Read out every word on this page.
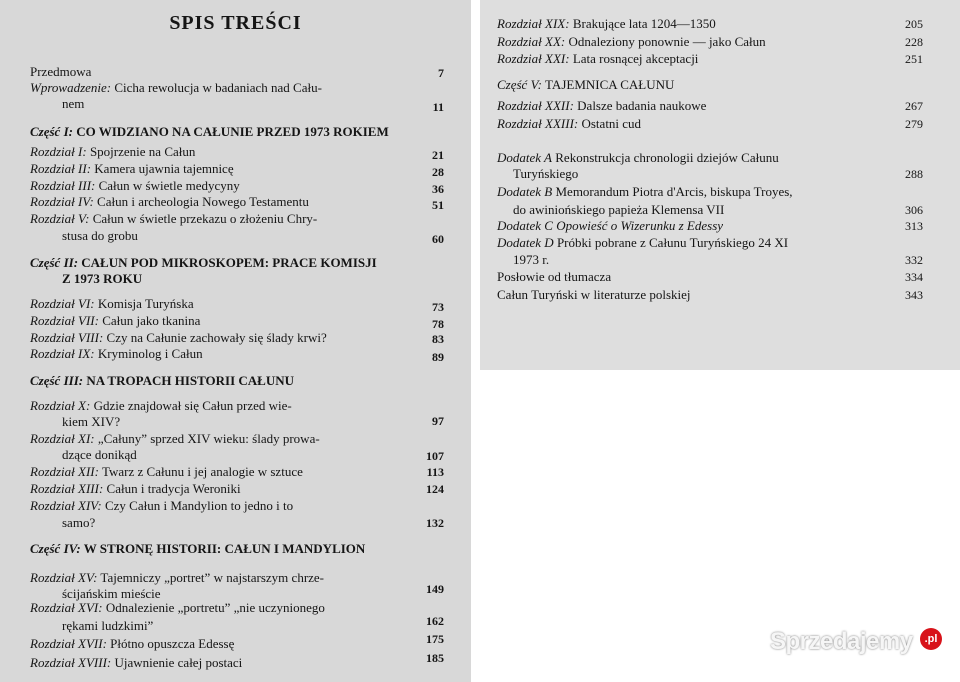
SPIS TREŚCI
Przedmowa	7
Wprowadzenie: Cicha rewolucja w badaniach nad Cału-
nem	11
Część I: CO WIDZIANO NA CAŁUNIE PRZED 1973 ROKIEM
Rozdział I: Spojrzenie na Całun	21
Rozdział II: Kamera ujawnia tajemnicę	28
Rozdział III: Całun w świetle medycyny	36
Rozdział IV: Całun i archeologia Nowego Testamentu	51
Rozdział V: Całun w świetle przekazu o złożeniu Chry-
stusa do grobu	60
Część II: CAŁUN POD MIKROSKOPEM: PRACE KOMISJI
Z 1973 ROKU
Rozdział VI: Komisja Turyńska	73
Rozdział VII: Całun jako tkanina	78
Rozdział VIII: Czy na Całunie zachowały się ślady krwi?	83
Rozdział IX: Kryminolog i Całun	89
Część III: NA TROPACH HISTORII CAŁUNU
Rozdział X: Gdzie znajdował się Całun przed wie-
kiem XIV?	97
Rozdział XI: „Całuny” sprzed XIV wieku: ślady prowa-
dzące donikąd	107
Rozdział XII: Twarz z Całunu i jej analogie w sztuce	113
Rozdział XIII: Całun i tradycja Weroniki	124
Rozdział XIV: Czy Całun i Mandylion to jedno i to
samo?	132
Część IV: W STRONĘ HISTORII: CAŁUN I MANDYLION
Rozdział XV: Tajemniczy „portret” w najstarszym chrze-
ścijańskim mieście	149
Rozdział XVI: Odnalezienie „portretu” „nie uczynionego
rękami ludzkimi”	162
Rozdział XVII: Płótno opuszcza Edessę	175
Rozdział XVIII: Ujawnienie całej postaci	185
Rozdział XIX: Brakujące lata 1204—1350	205
Rozdział XX: Odnaleziony ponownie — jako Całun	228
Rozdział XXI: Lata rosnącej akceptacji	251
Część V: TAJEMNICA CAŁUNU
Rozdział XXII: Dalsze badania naukowe	267
Rozdział XXIII: Ostatni cud	279
Dodatek A Rekonstrukcja chronologii dziejów Całunu
Turyńskiego	288
Dodatek B Memorandum Piotra d'Arcis, biskupa Troyes,
do awiniońskiego papieża Klemensa VII	306
Dodatek C Opowieść o Wizerunku z Edessy	313
Dodatek D Próbki pobrane z Całunu Turyńskiego 24 XI
1973 r.	332
Posłowie od tłumacza	334
Całun Turyński w literaturze polskiej	343
Sprzedajemy	.pl
